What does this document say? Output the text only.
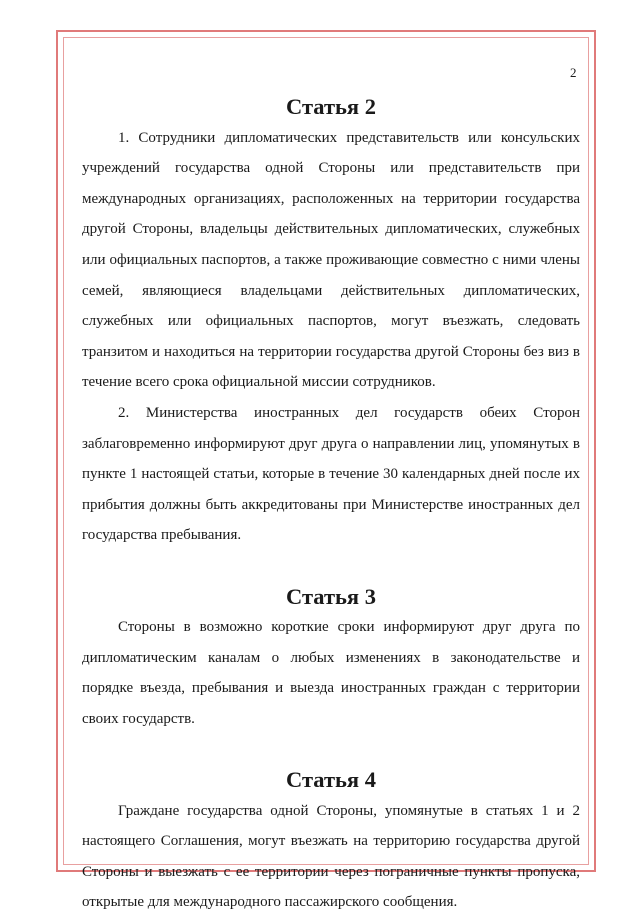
2
Статья 2

1. Сотрудники дипломатических представительств или консульских учреждений государства одной Стороны или представительств при международных организациях, расположенных на территории государства другой Стороны, владельцы действительных дипломатических, служебных или официальных паспортов, а также проживающие совместно с ними члены семей, являющиеся владельцами действительных дипломатических, служебных или официальных паспортов, могут въезжать, следовать транзитом и находиться на территории государства другой Стороны без виз в течение всего срока официальной миссии сотрудников.

2. Министерства иностранных дел государств обеих Сторон заблаговременно информируют друг друга о направлении лиц, упомянутых в пункте 1 настоящей статьи, которые в течение 30 календарных дней после их прибытия должны быть аккредитованы при Министерстве иностранных дел государства пребывания.

Статья 3

Стороны в возможно короткие сроки информируют друг друга по дипломатическим каналам о любых изменениях в законодательстве и порядке въезда, пребывания и выезда иностранных граждан с территории своих государств.

Статья 4

Граждане государства одной Стороны, упомянутые в статьях 1 и 2 настоящего Соглашения, могут въезжать на территорию государства другой Стороны и выезжать с ее территории через пограничные пункты пропуска, открытые для международного пассажирского сообщения.
